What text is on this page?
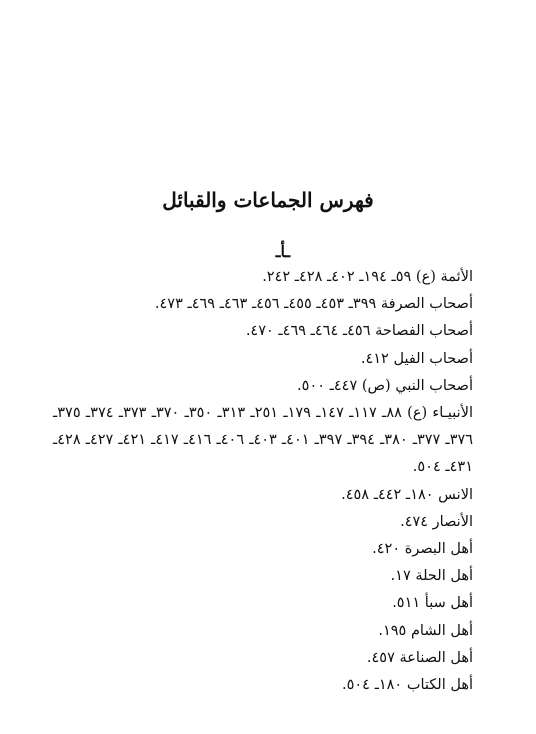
فهرس الجماعات والقبائل
ـأـ
الأئمة (ع) ٥٩ـ ١٩٤ـ ٤٠٢ـ ٤٢٨ـ ٢٤٢.
أصحاب الصرفة ٣٩٩ـ ٤٥٣ـ ٤٥٥ـ ٤٥٦ـ ٤٦٣ـ ٤٦٩ـ ٤٧٣.
أصحاب الفصاحة ٤٥٦ـ ٤٦٤ـ ٤٦٩ـ ٤٧٠.
أصحاب الفيل ٤١٢.
أصحاب النبي (ص) ٤٤٧ـ ٥٠٠.
الأنبيـاء (ع) ٨٨ـ ١١٧ـ ١٤٧ـ ١٧٩ـ ٢٥١ـ ٣١٣ـ ٣٥٠ـ ٣٧٠ـ ٣٧٣ـ ٣٧٤ـ ٣٧٥ـ ٣٧٦ـ ٣٧٧ـ ٣٨٠ـ ٣٩٤ـ ٣٩٧ـ ٤٠١ـ ٤٠٣ـ ٤٠٦ـ ٤١٦ـ ٤١٧ـ ٤٢١ـ ٤٢٧ـ ٤٢٨ـ ٤٣١ـ ٥٠٤.
الانس ١٨٠ـ ٤٤٢ـ ٤٥٨.
الأنصار ٤٧٤.
أهل البصرة ٤٢٠.
أهل الحلة ١٧.
أهل سبأ ٥١١.
أهل الشام ١٩٥.
أهل الصناعة ٤٥٧.
أهل الكتاب ١٨٠ـ ٥٠٤.
